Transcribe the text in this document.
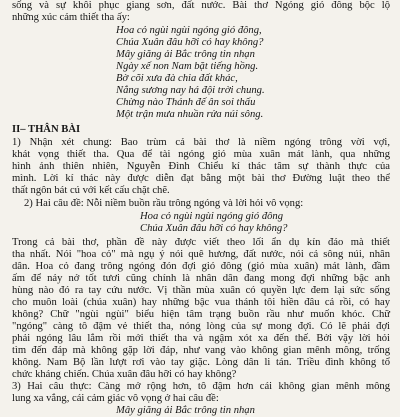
sống và sự khôi phục giang sơn, đất nước. Bài thơ Ngóng gió đông bộc lộ
những xúc cảm thiết tha ấy:
Hoa cỏ ngùi ngùi ngóng gió đông,
Chúa Xuân đâu hỡi có hay không?
Mây giăng ải Bắc trông tin nhạn
Ngày xế non Nam bặt tiếng hồng.
Bờ cõi xưa đà chia đất khác,
Nắng sương nay há đội trời chung.
Chừng nào Thánh đế ân soi thấu
Một trận mưa nhuần rửa núi sông.
II– THÂN BÀI
1) Nhận xét chung: Bao trùm cả bài thơ là niềm ngóng trông vời vợi,
khát vọng thiết tha. Qua để tài ngóng gió mùa xuân mát lành, qua những
hình ảnh thiên nhiên, Nguyễn Đình Chiểu kí thác tâm sự thành thực của
mình. Lời kí thác này được diễn đạt bằng một bài thơ Đường luật theo thể
thất ngôn bát cú với kết cấu chặt chẽ.
2) Hai câu đề: Nỗi niềm buồn rầu trông ngóng và lời hỏi vô vọng:
Hoa cỏ ngùi ngùi ngóng gió đông
Chúa Xuân đâu hỡi có hay không?
Trong cả bài thơ, phần đề này được viết theo lối ẩn dụ kín đáo mà thiết
tha nhất. Nói "hoa cỏ" mà ngụ ý nói quê hương, đất nước, nói cả sông núi, nhân
dân. Hoa cỏ đang trông ngóng đón đợi gió đông (gió mùa xuân) mát lành, đầm
ấm để nảy nở tốt tươi cũng chính là nhân dân đang mong đợi những bậc anh
hùng nào đó ra tay cứu nước. Vị thần mùa xuân có quyền lực đem lại sức sống
cho muôn loài (chúa xuân) hay những bậc vua thánh tôi hiền đâu cả rồi, có hay
không? Chữ "ngùi ngùi" biểu hiện tâm trạng buồn rầu như muốn khóc. Chữ
"ngóng" càng tô đậm vẻ thiết tha, nóng lòng của sự mong đợi. Có lẽ phải đợi
phải ngóng lâu lắm rồi mới thiết tha và ngậm xót xa đến thế. Bởi vậy lời hỏi
tìm đến đáp mà không gặp lời đáp, như vang vào không gian mênh mông, trống
không. Nam Bộ lần lượt rơi vào tay giặc. Lòng dân li tán. Triều đình không tổ
chức kháng chiến. Chúa xuân đâu hỡi có hay không?
3) Hai câu thực: Càng mở rộng hơn, tô đậm hơn cái không gian mênh mông
lung xa vắng, cái cảm giác vô vọng ở hai câu đề:
Mây giăng ải Bắc trông tin nhạn
